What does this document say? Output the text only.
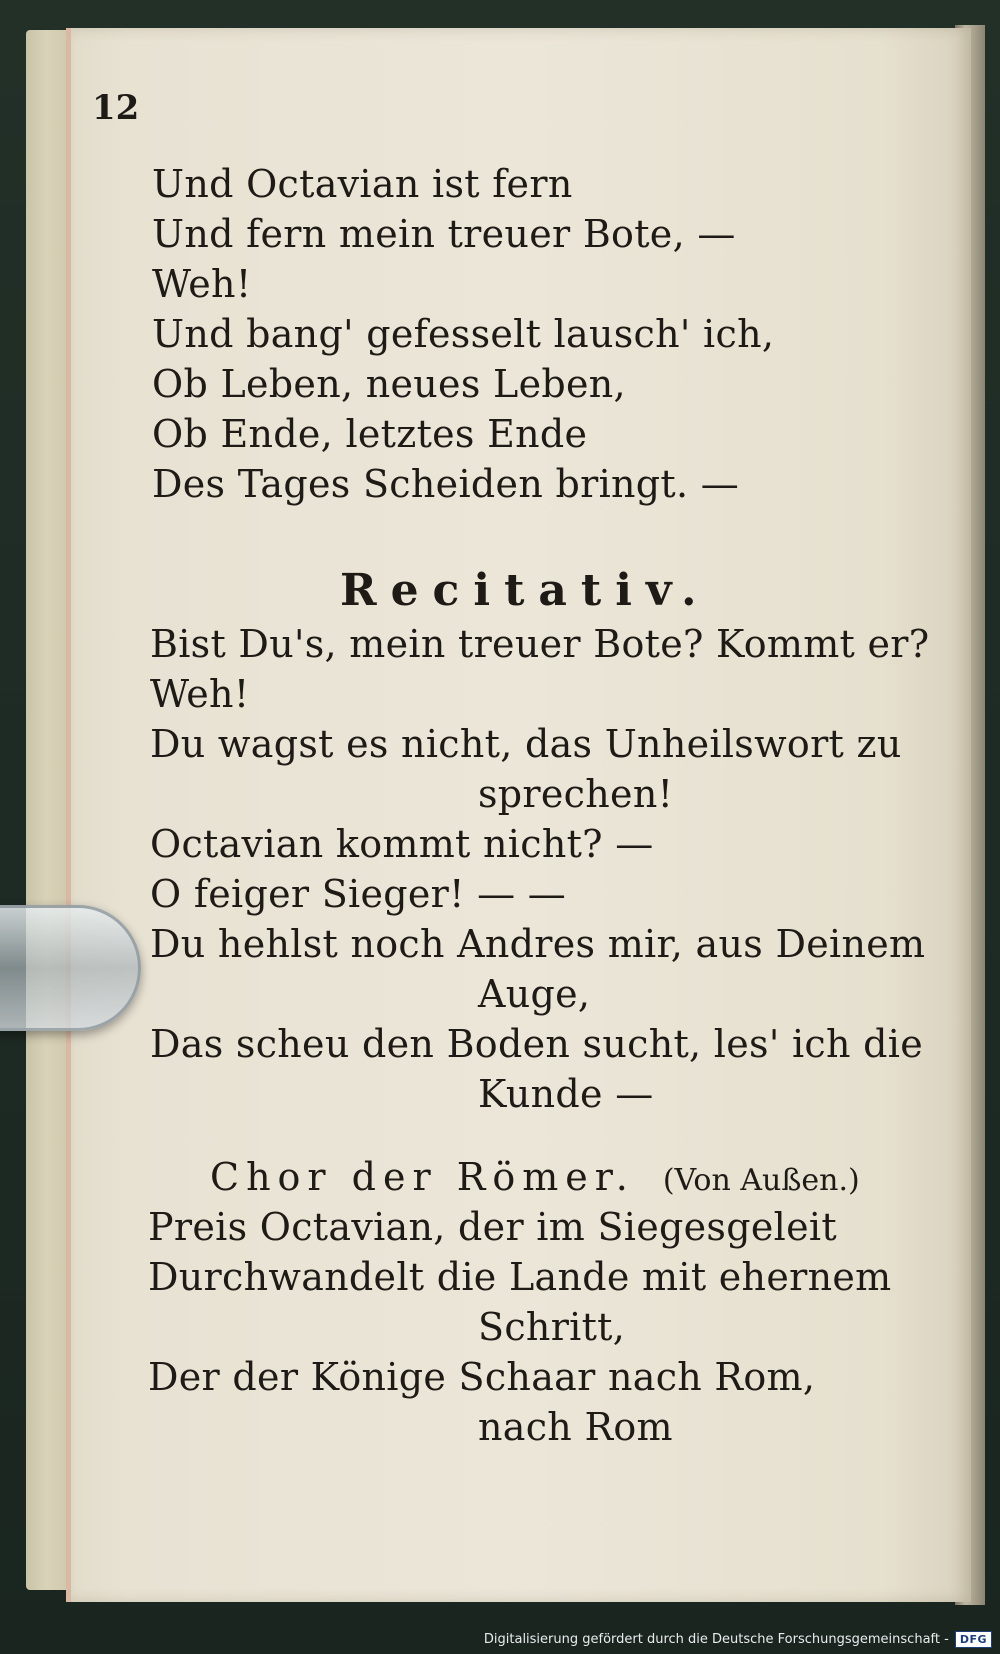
12
Und Octavian ist fern
Und fern mein treuer Bote, —
Weh!
Und bang' gefesselt lausch' ich,
Ob Leben, neues Leben,
Ob Ende, letztes Ende
Des Tages Scheiden bringt. —
Recitativ.
Bist Du's, mein treuer Bote? Kommt er?
Weh!
Du wagst es nicht, das Unheilswort zu
sprechen!
Octavian kommt nicht? —
O feiger Sieger! — —
Du hehlst noch Andres mir, aus Deinem
Auge,
Das scheu den Boden sucht, les' ich die
Kunde —
Chor der Römer. (Von Außen.)
Preis Octavian, der im Siegesgeleit
Durchwandelt die Lande mit ehernem
Schritt,
Der der Könige Schaar nach Rom,
nach Rom
Digitalisierung gefördert durch die Deutsche Forschungsgemeinschaft -	DFG
